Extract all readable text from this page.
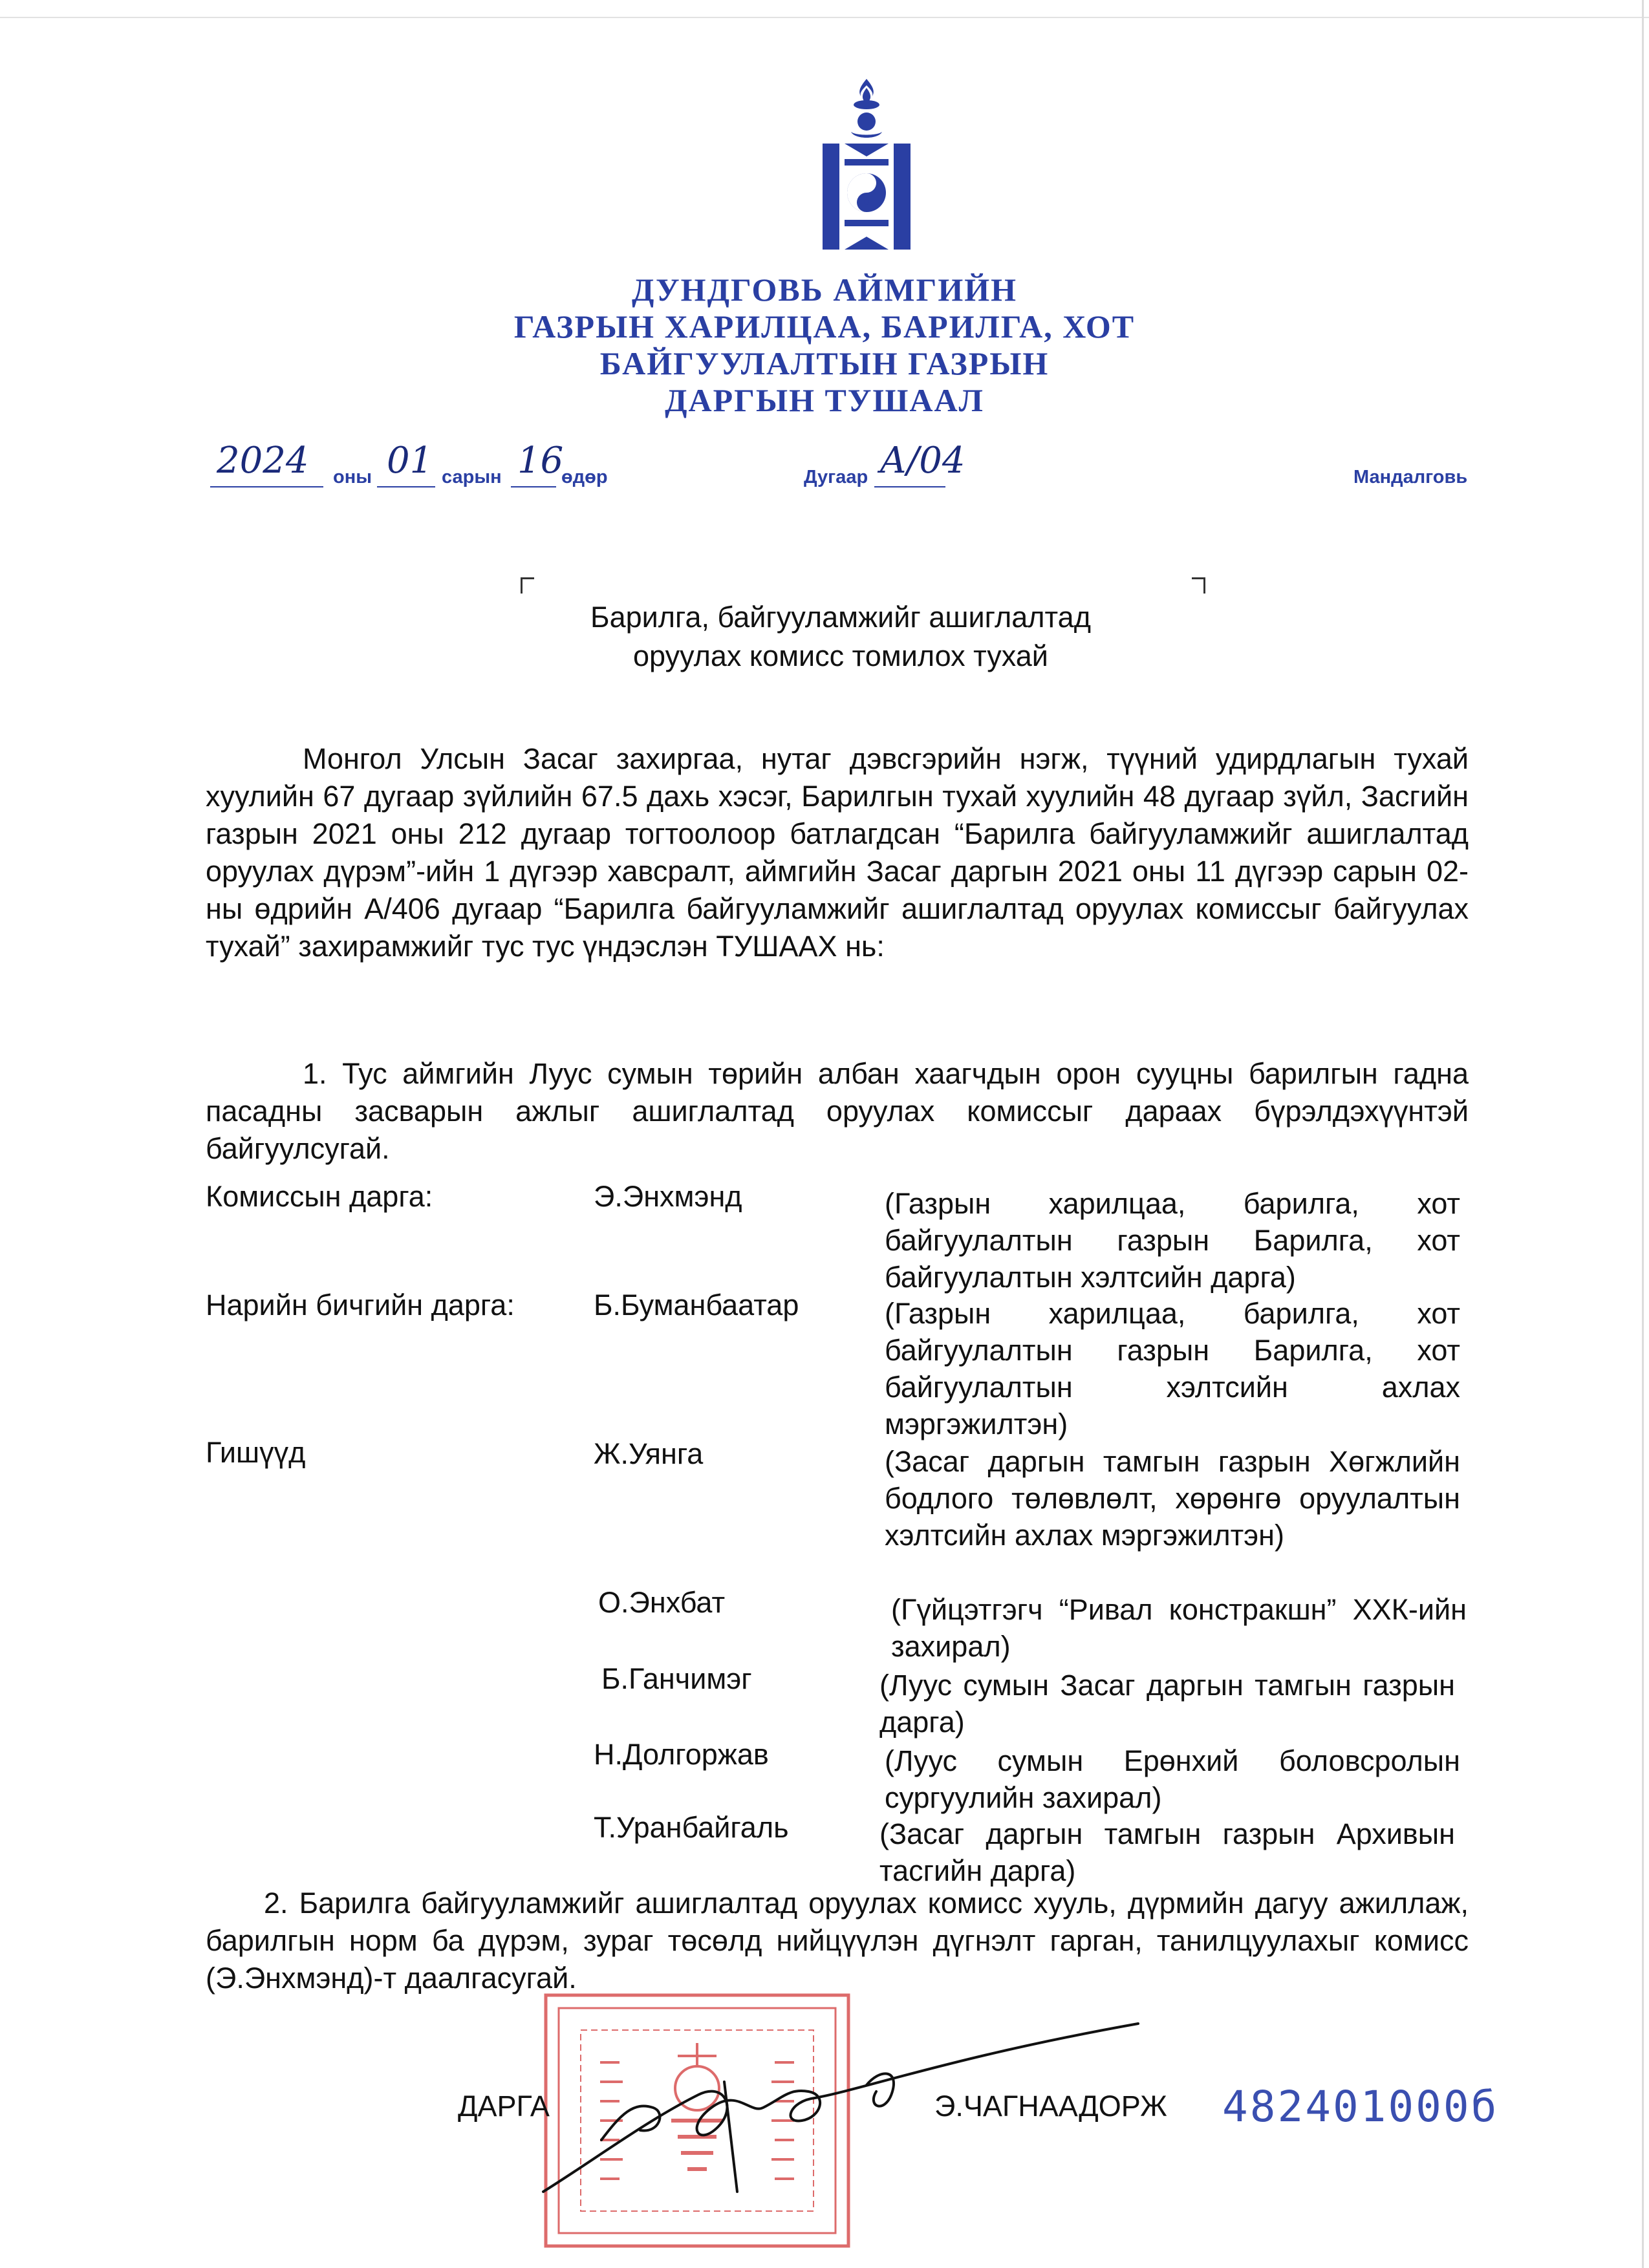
ДУНДГОВЬ АЙМГИЙН
ГАЗРЫН ХАРИЛЦАА, БАРИЛГА, ХОТ
БАЙГУУЛАЛТЫН ГАЗРЫН
ДАРГЫН ТУШААЛ
2024 оны 01 сарын 16
өдөр	Дугаар А/04	Мандалговь
Барилга, байгууламжийг ашиглалтад
оруулах комисс томилох тухай
Монгол Улсын Засаг захиргаа, нутаг дэвсгэрийн нэгж, түүний удирдлагын тухай хуулийн 67 дугаар зүйлийн 67.5 дахь хэсэг, Барилгын тухай хуулийн 48 дугаар зүйл, Засгийн газрын 2021 оны 212 дугаар тогтоолоор батлагдсан “Барилга байгууламжийг ашиглалтад оруулах дүрэм”-ийн 1 дүгээр хавсралт, аймгийн Засаг даргын 2021 оны 11 дүгээр сарын 02-ны өдрийн А/406 дугаар “Барилга байгууламжийг ашиглалтад оруулах комиссыг байгуулах тухай” захирамжийг тус тус үндэслэн ТУШААХ нь:
1. Тус аймгийн Луус сумын төрийн албан хаагчдын орон сууцны барилгын гадна пасадны засварын ажлыг ашиглалтад оруулах комиссыг дараах бүрэлдэхүүнтэй байгуулсугай.
Комиссын дарга:	Э.Энхмэнд	(Газрын харилцаа, барилга, хот байгуулалтын газрын Барилга, хот байгуулалтын хэлтсийн дарга)
Нарийн бичгийн дарга:	Б.Буманбаатар	(Газрын харилцаа, барилга, хот байгуулалтын газрын Барилга, хот байгуулалтын хэлтсийн ахлах мэргэжилтэн)
Гишүүд	Ж.Уянга	(Засаг даргын тамгын газрын Хөгжлийн бодлого төлөвлөлт, хөрөнгө оруулалтын хэлтсийн ахлах мэргэжилтэн)
О.Энхбат	(Гүйцэтгэгч “Ривал констракшн” ХХК-ийн захирал)
Б.Ганчимэг	(Луус сумын Засаг даргын тамгын газрын дарга)
Н.Долгоржав	(Луус сумын Ерөнхий боловсролын сургуулийн захирал)
Т.Уранбайгаль	(Засаг даргын тамгын газрын Архивын тасгийн дарга)
2. Барилга байгууламжийг ашиглалтад оруулах комисс хууль, дүрмийн дагуу ажиллаж, барилгын норм ба дүрэм, зураг төсөлд нийцүүлэн дүгнэлт гарган, танилцуулахыг комисс (Э.Энхмэнд)-т даалгасугай.
ДАРГА	Э.ЧАГНААДОРЖ 482401000б
